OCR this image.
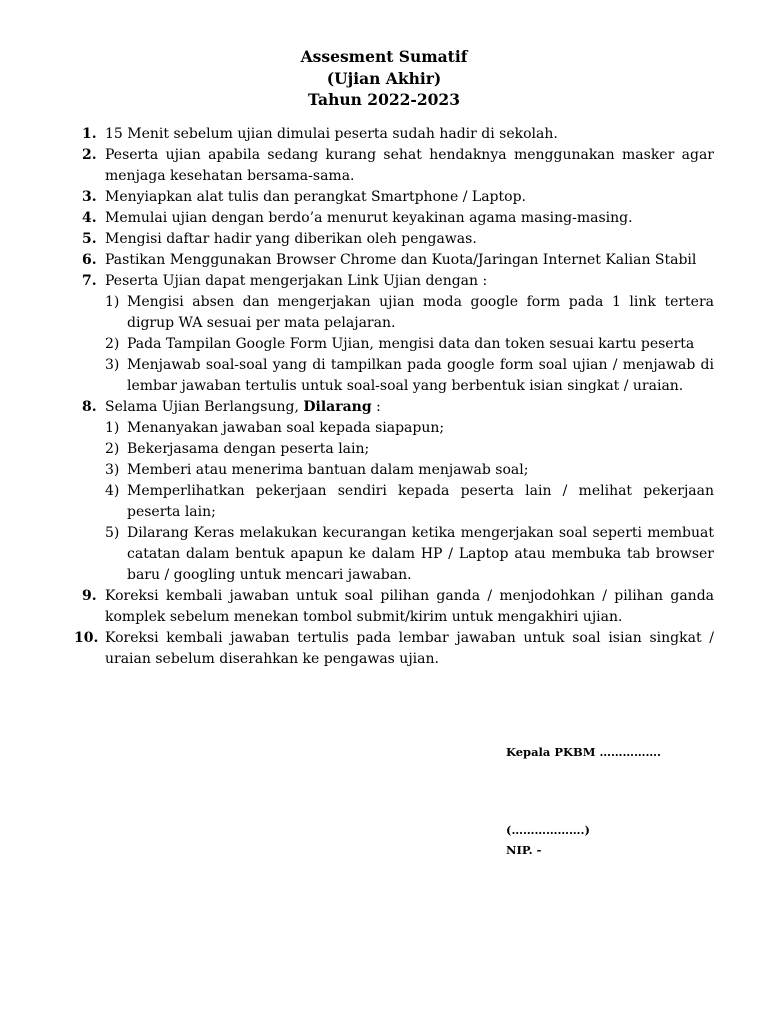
Assesment Sumatif
(Ujian Akhir)
Tahun 2022-2023
1. 15 Menit sebelum ujian dimulai peserta sudah hadir di sekolah.
2. Peserta ujian apabila sedang kurang sehat hendaknya menggunakan masker agar menjaga kesehatan bersama-sama.
3. Menyiapkan alat tulis dan perangkat Smartphone / Laptop.
4. Memulai ujian dengan berdo’a menurut keyakinan agama masing-masing.
5. Mengisi daftar hadir yang diberikan oleh pengawas.
6. Pastikan Menggunakan Browser Chrome dan Kuota/Jaringan Internet Kalian Stabil
7. Peserta Ujian dapat mengerjakan Link Ujian dengan :
1) Mengisi absen dan mengerjakan ujian moda google form pada 1 link tertera digrup WA sesuai per mata pelajaran.
2) Pada Tampilan Google Form Ujian, mengisi data dan token sesuai kartu peserta
3) Menjawab soal-soal yang di tampilkan pada google form soal ujian / menjawab di lembar jawaban tertulis untuk soal-soal yang berbentuk isian singkat / uraian.
8. Selama Ujian Berlangsung, Dilarang :
1) Menanyakan jawaban soal kepada siapapun;
2) Bekerjasama dengan peserta lain;
3) Memberi atau menerima bantuan dalam menjawab soal;
4) Memperlihatkan pekerjaan sendiri kepada peserta lain / melihat pekerjaan peserta lain;
5) Dilarang Keras melakukan kecurangan ketika mengerjakan soal seperti membuat catatan dalam bentuk apapun ke dalam HP / Laptop atau membuka tab browser baru / googling untuk mencari jawaban.
9. Koreksi kembali jawaban untuk soal pilihan ganda / menjodohkan / pilihan ganda komplek sebelum menekan tombol submit/kirim untuk mengakhiri ujian.
10. Koreksi kembali jawaban tertulis pada lembar jawaban untuk soal isian singkat / uraian sebelum diserahkan ke pengawas ujian.
Kepala PKBM …………….
(……………….)
NIP. -
